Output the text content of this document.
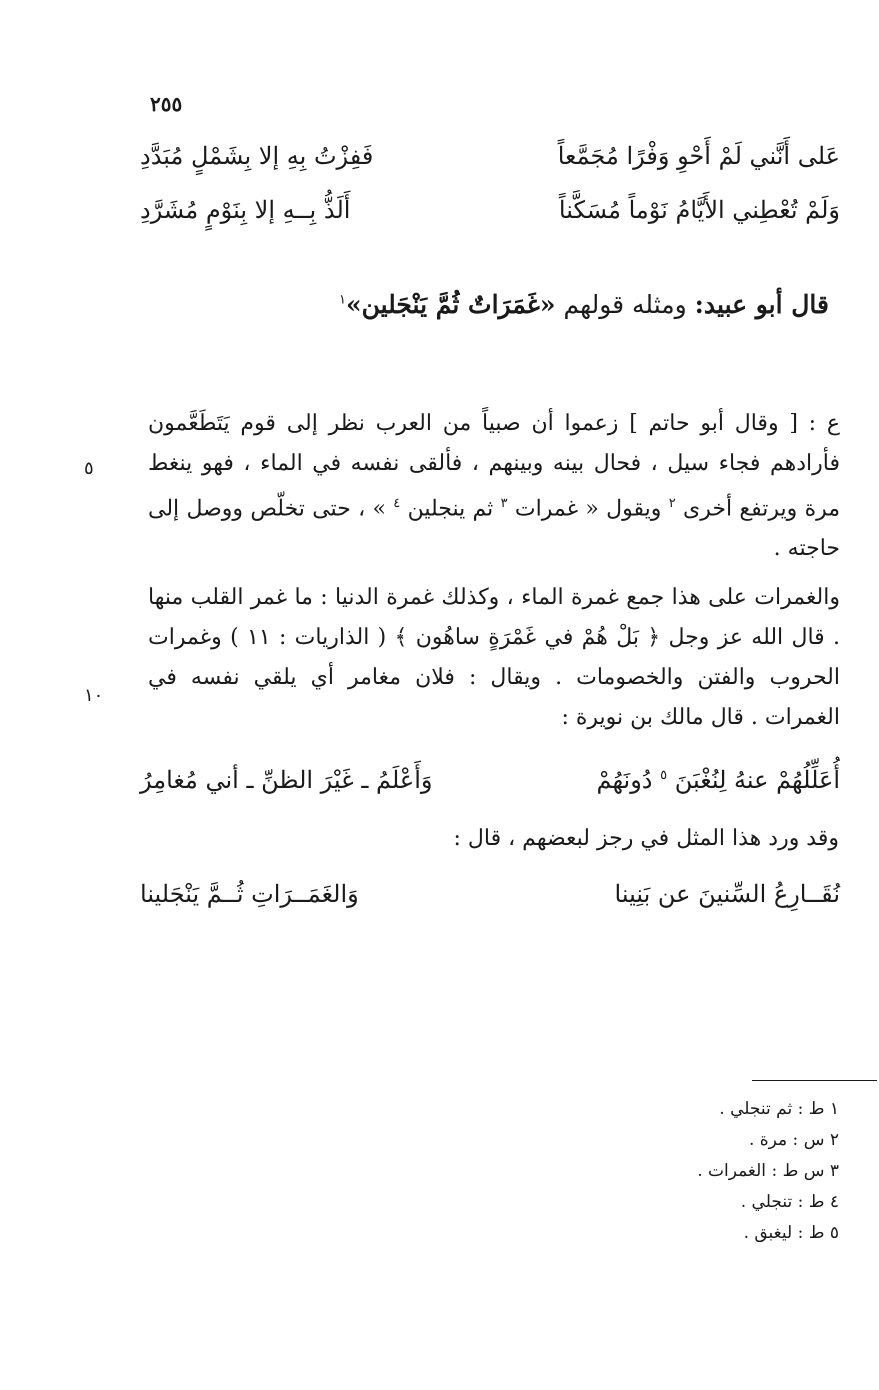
٢٥٥
عَلى أَنَّني لَمْ أَحْوِ وَفْرًا مُجَمَّعاً
فَفِزْتُ بِهِ إلا بِشَمْلٍ مُبَدَّدِ
وَلَمْ تُعْطِني الأَيَّامُ نَوْماً مُسَكَّناً
أَلَذُّ بِــهِ إلا بِنَوْمٍ مُشَرَّدِ
قال أبو عبيد: ومثله قولهم «غَمَرَاتٌ ثُمَّ يَنْجَلين»$^١$
ع : [ وقال أبو حاتم ] زعموا أن صبياً من العرب نظر إلى قوم يَتَطَعَّمون فأرادهم فجاء سيل ، فحال بينه وبينهم ، فألقى نفسه في الماء ، فهو ينغط مرة ويرتفع أخرى $^٢$ ويقول « غمرات $^٣$ ثم ينجلين $^٤$ » ، حتى تخلّص ووصل إلى حاجته .
٥
والغمرات على هذا جمع غمرة الماء ، وكذلك غمرة الدنيا : ما غمر القلب منها . قال الله عز وجل ﴿ بَلْ هُمْ في غَمْرَةٍ ساهُون ﴾ ( الذاريات : ١١ ) وغمرات الحروب والفتن والخصومات . ويقال : فلان مغامر أي يلقي نفسه في الغمرات . قال مالك بن نويرة :
١٠
أُعَلِّلُهُمْ عنهُ لِنُغْبَنَ $^٥$ دُونَهُمْ
وَأَعْلَمُ ـ غَيْرَ الظنِّ ـ أني مُغامِرُ
وقد ورد هذا المثل في رجز لبعضهم ، قال :
نُقَــارِعُ السِّنينَ عن بَنِينا
وَالغَمَــرَاتِ ثُــمَّ يَنْجَلينا
١ ط : ثم تنجلي .
٢ س : مرة .
٣ س ط : الغمرات .
٤ ط : تنجلي .
٥ ط : ليغبق .
